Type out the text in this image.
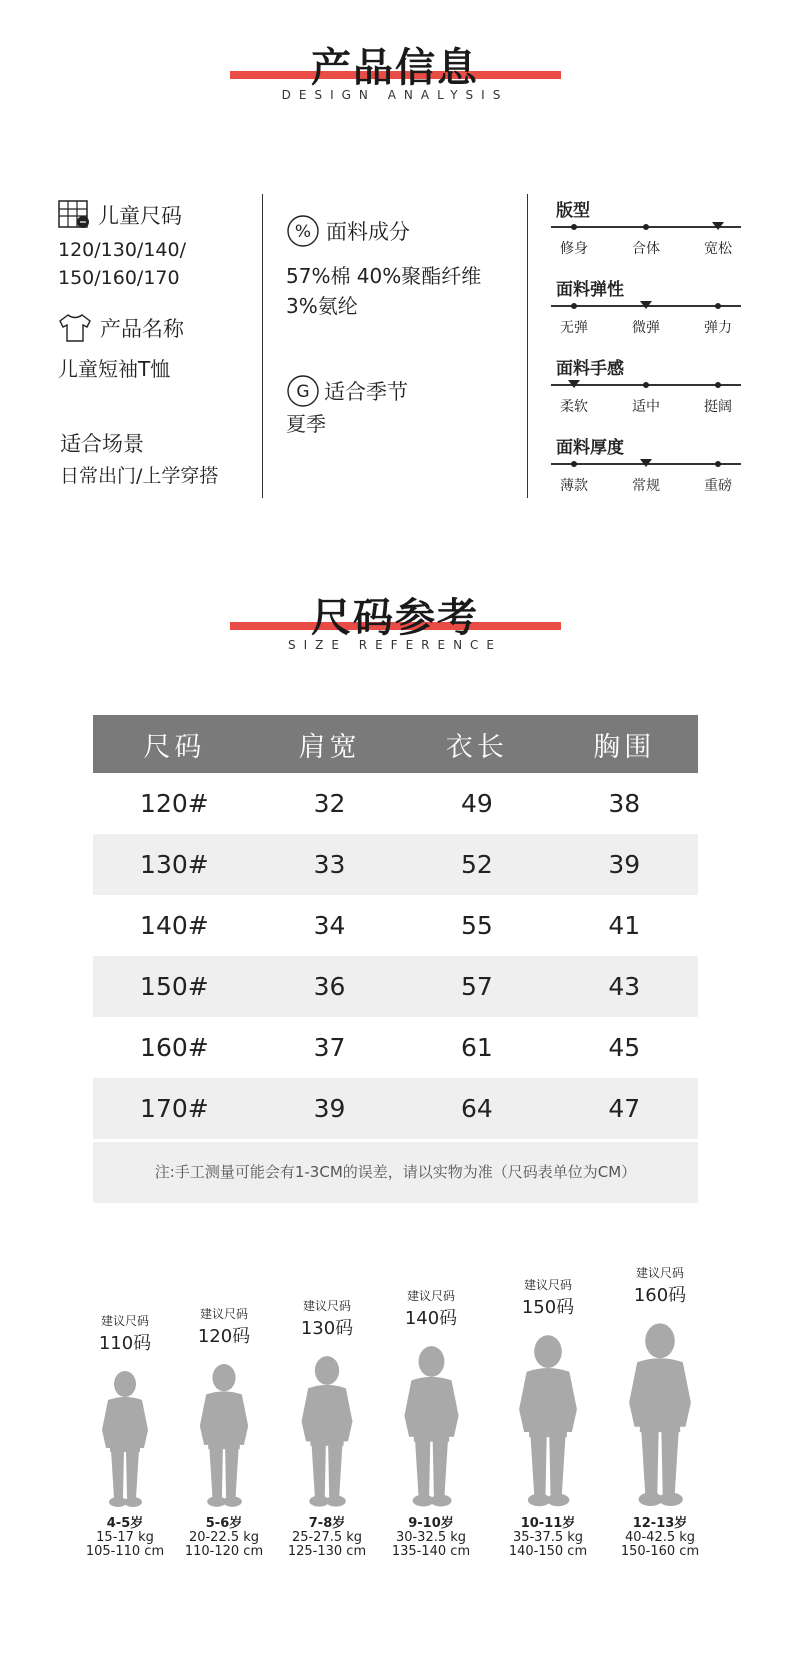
产品信息
DESIGN ANALYSIS
儿童尺码
120/130/140/
150/160/170
产品名称
儿童短袖T恤
适合场景
日常出门/上学穿搭
% 面料成分
57%棉 40%聚酯纤维
3%氨纶
G 适合季节
夏季
版型
修身	合体	宽松
面料弹性
无弹	微弹	弹力
面料手感
柔软	适中	挺阔
面料厚度
薄款	常规	重磅
尺码参考
SIZE REFERENCE
尺码	肩宽	衣长	胸围
120#	32	49	38
130#	33	52	39
140#	34	55	41
150#	36	57	43
160#	37	61	45
170#	39	64	47
注:手工测量可能会有1-3CM的误差，请以实物为准（尺码表单位为CM）
建议尺码
110码
4-5岁
15-17 kg
105-110 cm
建议尺码
120码
5-6岁
20-22.5 kg
110-120 cm
建议尺码
130码
7-8岁
25-27.5 kg
125-130 cm
建议尺码
140码
9-10岁
30-32.5 kg
135-140 cm
建议尺码
150码
10-11岁
35-37.5 kg
140-150 cm
建议尺码
160码
12-13岁
40-42.5 kg
150-160 cm
